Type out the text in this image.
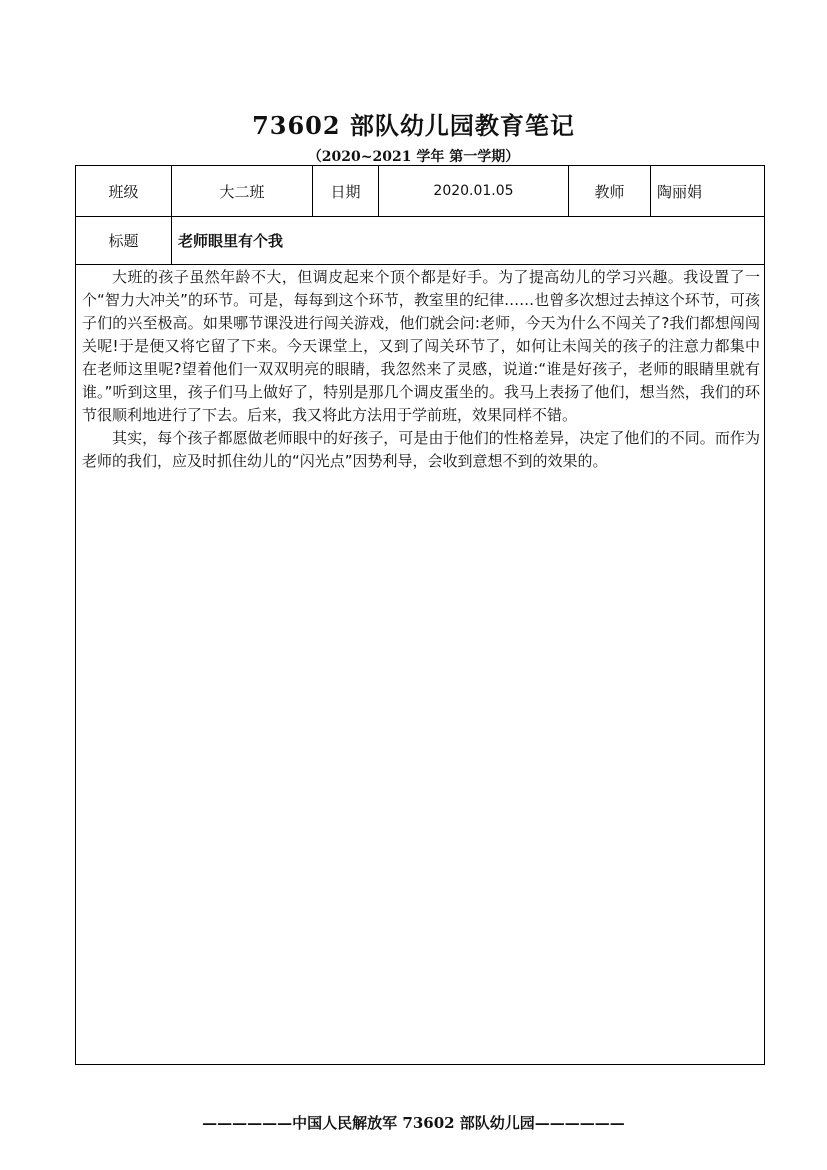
73602 部队幼儿园教育笔记
（2020~2021 学年 第一学期）
班级	大二班	日期	2020.01.05	教师	陶丽娟
标题	老师眼里有个我

大班的孩子虽然年龄不大，但调皮起来个顶个都是好手。为了提高幼儿的学习兴趣。我设置了一个“智力大冲关”的环节。可是，每每到这个环节，教室里的纪律……也曾多次想过去掉这个环节，可孩子们的兴至极高。如果哪节课没进行闯关游戏，他们就会问:老师，今天为什么不闯关了?我们都想闯闯关呢!于是便又将它留了下来。今天课堂上，又到了闯关环节了，如何让未闯关的孩子的注意力都集中在老师这里呢?望着他们一双双明亮的眼睛，我忽然来了灵感，说道:“谁是好孩子，老师的眼睛里就有谁。”听到这里，孩子们马上做好了，特别是那几个调皮蛋坐的。我马上表扬了他们，想当然，我们的环节很顺利地进行了下去。后来，我又将此方法用于学前班，效果同样不错。

其实，每个孩子都愿做老师眼中的好孩子，可是由于他们的性格差异，决定了他们的不同。而作为老师的我们，应及时抓住幼儿的“闪光点”因势利导，会收到意想不到的效果的。

——————中国人民解放军 73602 部队幼儿园——————
